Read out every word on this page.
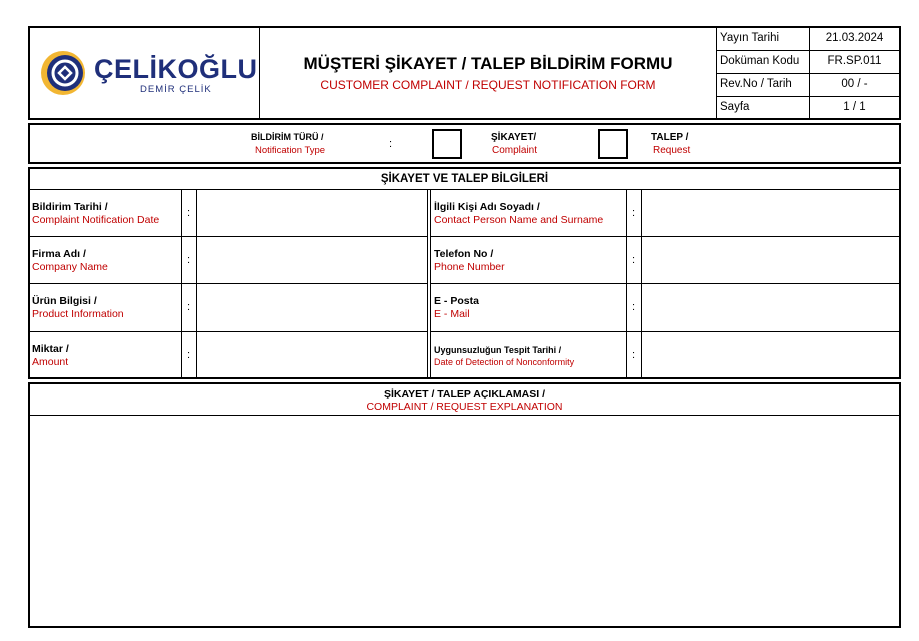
ÇELİKOĞLU
DEMİR ÇELİK
MÜŞTERİ ŞİKAYET / TALEP BİLDİRİM FORMU
CUSTOMER COMPLAINT / REQUEST NOTIFICATION FORM
Yayın Tarihi	21.03.2024
Doküman Kodu	FR.SP.011
Rev.No / Tarih	00 / -
Sayfa	1 / 1
BİLDİRİM TÜRÜ /
Notification Type
:
ŞİKAYET/
Complaint
TALEP /
Request
ŞİKAYET VE TALEP BİLGİLERİ
Bildirim Tarihi /
Complaint Notification Date
:
Firma Adı /
Company Name
:
Ürün Bilgisi /
Product Information
:
Miktar /
Amount
:
İlgili Kişi Adı Soyadı /
Contact Person Name and Surname
:
Telefon No /
Phone Number
:
E - Posta
E - Mail
:
Uygunsuzluğun Tespit Tarihi /
Date of Detection of Nonconformity
:
ŞİKAYET / TALEP AÇIKLAMASI /
COMPLAINT / REQUEST EXPLANATION
